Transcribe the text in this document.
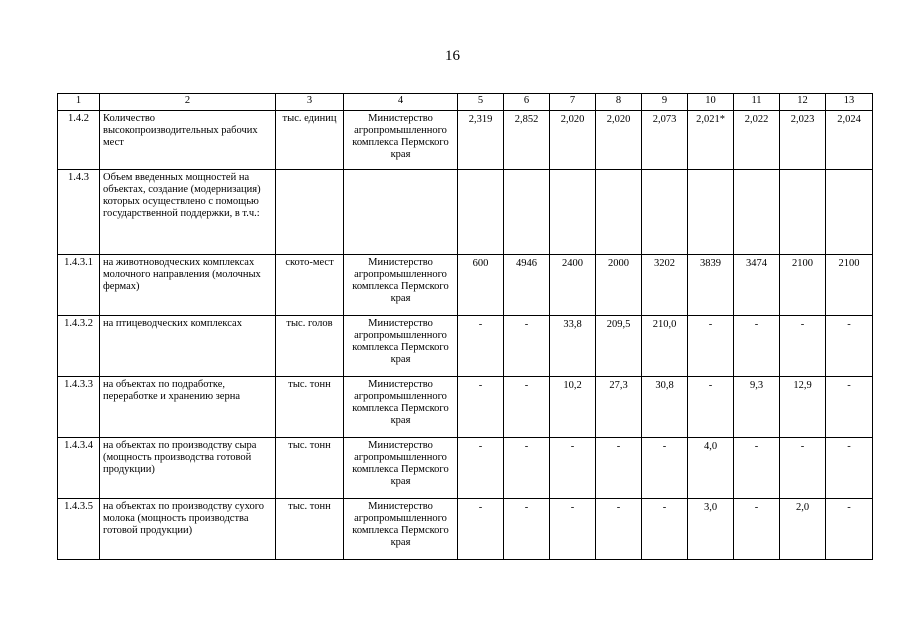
16
1	2	3	4	5	6	7	8	9	10	11	12	13
1.4.2	Количество высокопроизводительных рабочих мест	тыс. единиц	Министерство агропромышленного комплекса Пермского края	2,319	2,852	2,020	2,020	2,073	2,021*	2,022	2,023	2,024
1.4.3	Объем введенных мощностей на объектах, создание (модернизация) которых осуществлено с помощью государственной поддержки, в т.ч.:											
1.4.3.1	на животноводческих комплексах молочного направления (молочных фермах)	ското-мест	Министерство агропромышленного комплекса Пермского края	600	4946	2400	2000	3202	3839	3474	2100	2100
1.4.3.2	на птицеводческих комплексах	тыс. голов	Министерство агропромышленного комплекса Пермского края	-	-	33,8	209,5	210,0	-	-	-	-
1.4.3.3	на объектах по подработке, переработке и хранению зерна	тыс. тонн	Министерство агропромышленного комплекса Пермского края	-	-	10,2	27,3	30,8	-	9,3	12,9	-
1.4.3.4	на объектах по производству сыра (мощность производства готовой продукции)	тыс. тонн	Министерство агропромышленного комплекса Пермского края	-	-	-	-	-	4,0	-	-	-
1.4.3.5	на объектах по производству сухого молока (мощность производства готовой продукции)	тыс. тонн	Министерство агропромышленного комплекса Пермского края	-	-	-	-	-	3,0	-	2,0	-
